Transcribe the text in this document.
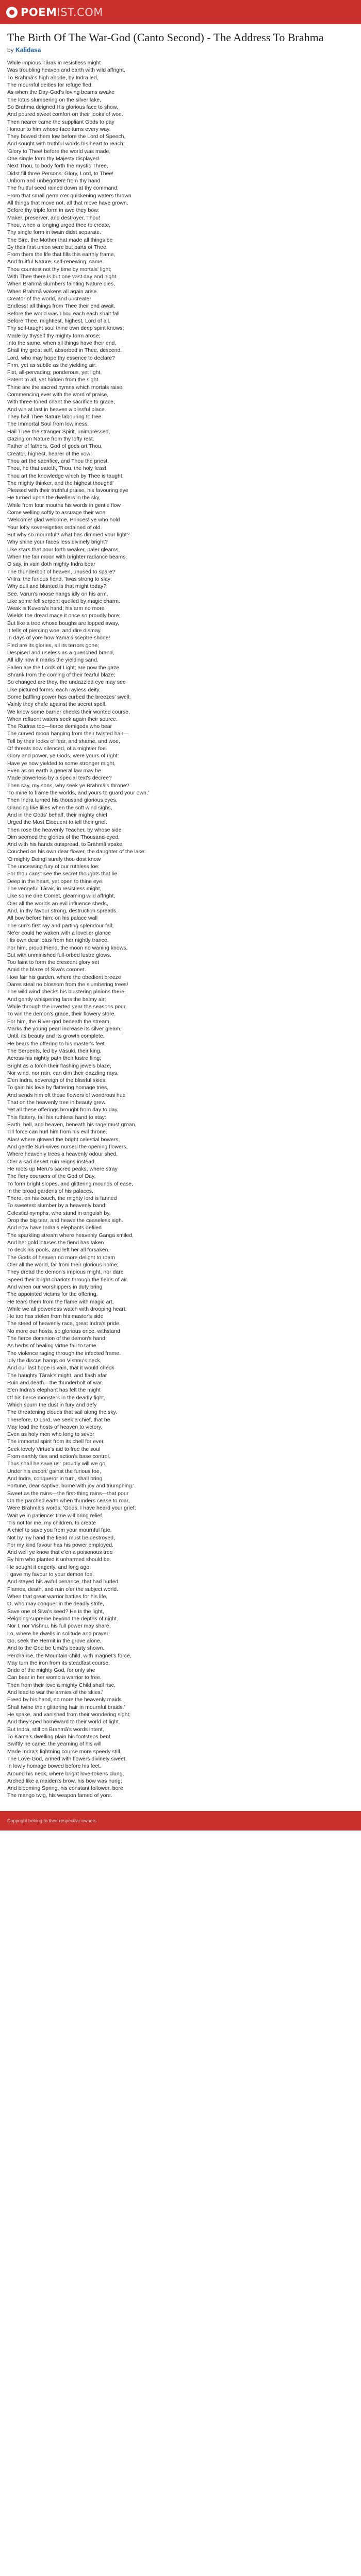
POEMIST.COM
The Birth Of The War-God (Canto Second) - The Address To Brahma
by Kalidasa
While impious Târak in resistless might
Was troubling heaven and earth with wild affright,
To Brahmâ's high abode, by Indra led,
The mournful deities for refuge fled.
As when the Day-God's loving beams awake
The lotus slumbering on the silver lake,
So Brahma deigned His glorious face to show,
And poured sweet comfort on their looks of woe.
Then nearer came the suppliant Gods to pay
Honour to him whose face turns every way.
They bowed them low before the Lord of Speech,
And sought with truthful words his heart to reach:
'Glory to Thee! before the world was made,
One single form thy Majesty displayed.
Next Thou, to body forth the mystic Three,
Didst fill three Persons: Glory, Lord, to Thee!
Unborn and unbegotten! from thy hand
The fruitful seed rained down at thy command:
From that small germ o'er quickening waters thrown
All things that move not, all that move have grown.
Before thy triple form in awe they bow:
Maker, preserver, and destroyer, Thou!
Thou, when a longing urged thee to create,
Thy single form in twain didst separate.
The Sire, the Mother that made all things be
By their first union were but parts of Thee.
From them the life that fills this earthly frame,
And fruitful Nature, self-renewing, came.
Thou countest not thy time by mortals' light;
With Thee there is but one vast day and night.
When Brahmâ slumbers fainting Nature dies,
When Brahmâ wakens all again arise.
Creator of the world, and uncreate!
Endless! all things from Thee their end await.
Before the world was Thou each each shalt fall
Before Thee, mightiest, highest, Lord of all.
Thy self-taught soul thine own deep spirit knows;
Made by thyself thy mighty form arose;
Into the same, when all things have their end,
Shall thy great self, absorbed in Thee, descend.
Lord, who may hope thy essence to declare?
Firm, yet as subtle as the yielding air:
Fixt, all-pervading; ponderous, yet light,
Patent to all, yet hidden from the sight.
Thine are the sacred hymns which mortals raise,
Commencing ever with the word of praise,
With three-toned chant the sacrifice to grace,
And win at last in heaven a blissful place.
They hail Thee Nature labouring to free
The Immortal Soul from lowliness,
Hail Thee the stranger Spirit, unimpressed,
Gazing on Nature from thy lofty rest.
Father of fathers, God of gods art Thou,
Creator, highest, hearer of the vow!
Thou art the sacrifice, and Thou the priest,
Thou, he that eateth, Thou, the holy feast.
Thou art the knowledge which by Thee is taught,
The mighty thinker, and the highest thought!'
Pleased with their truthful praise, his favouring eye
He turned upon the dwellers in the sky,
While from four mouths his words in gentle flow
Come welling softly to assuage their woe:
'Welcome! glad welcome, Princes! ye who hold
Your lofty sovereignties ordained of old.
But why so mournful? what has dimmed your light?
Why shine your faces less divinely bright?
Like stars that pour forth weaker, paler gleams,
When the fair moon with brighter radiance beams.
O say, in vain doth mighty Indra bear
The thunderbolt of heaven, unused to spare?
Vritra, the furious fiend, 'twas strong to slay:
Why dull and blunted is that might today?
See, Varun's noose hangs idly on his arm,
Like some fell serpent quelled by magic charm.
Weak is Kuvera's hand; his arm no more
Wields the dread mace it once so proudly bore;
But like a tree whose boughs are lopped away,
It tells of piercing woe, and dire dismay.
In days of yore how Yama's sceptre shone!
Fled are its glories, all its terrors gone;
Despised and useless as a quenched brand,
All idly now it marks the yielding sand.
Fallen are the Lords of Light; are now the gaze
Shrank from the coming of their fearful blaze;
So changed are they, the undazzled eye may see
Like pictured forms, each rayless deity.
Some baffling power has curbed the breezes' swell:
Vainly they chafe against the secret spell.
We know some barrier checks their wonted course,
When refluent waters seek again their source.
The Rudras too—fierce demigods who bear
The curved moon hanging from their twisted hair—
Tell by their looks of fear, and shame, and woe,
Of threats now silenced, of a mightier foe.
Glory and power, ye Gods, were yours of right:
Have ye now yielded to some stronger might,
Even as on earth a general law may be
Made powerless by a special text's decree?
Then say, my sons, why seek ye Brahmâ's throne?
'To mine to frame the worlds, and yours to guard your own.'
Then Indra turned his thousand glorious eyes,
Glancing like lilies when the soft wind sighs,
And in the Gods' behalf, their mighty chief
Urged the Most Eloquent to tell their grief.
Then rose the heavenly Teacher, by whose side
Dim seemed the glories of the Thousand-eyed,
And with his hands outspread, to Brahmâ spake,
Couched on his own dear flower, the daughter of the lake:
'O mighty Being! surely thou dost know
The unceasing fury of our ruthless foe:
For thou canst see the secret thoughts that lie
Deep in the heart, yet open to thine eye.
The vengeful Târak, in resistless might,
Like some dire Comet, gleaming wild affright,
O'er all the worlds an evil influence sheds,
And, in thy favour strong, destruction spreads.
All bow before him: on his palace wall
The sun's first ray and parting splendour fall;
Ne'er could he waken with a lovelier glance
His own dear lotus from her nightly trance.
For him, proud Fiend, the moon no waning knows,
But with unminished full-orbed lustre glows.
Too faint to form the crescent glory set
Amid the blaze of Siva's coronet.
How fair his garden, where the obedient breeze
Dares steal no blossom from the slumbering trees!
The wild wind checks his blustering pinions there,
And gently whispering fans the balmy air;
While through the inverted year the seasons pour,
To win the demon's grace, their flowery store.
For him, the River-god beneath the stream,
Marks the young pearl increase its silver gleam,
Until, its beauty and its growth complete,
He bears the offering to his master's feet.
The Serpents, led by Vásuki, their king,
Across his nightly path their lustre fling;
Bright as a torch their flashing jewels blaze,
Nor wind, nor rain, can dim their dazzling rays.
E'en Indra, sovereign of the blissful skies,
To gain his love by flattering homage tries,
And sends him oft those flowers of wondrous hue
That on the heavenly tree in beauty grew.
Yet all these offerings brought from day to day,
This flattery, fail his ruthless hand to stay:
Earth, hell, and heaven, beneath his rage must groan,
Till force can hurl him from his evil throne.
Alas! where glowed the bright celestial bowers,
And gentle Suri-wives nursed the opening flowers,
Where heavenly trees a heavenly odour shed,
O'er a sad desert ruin reigns instead.
He roots up Meru's sacred peaks, where stray
The fiery coursers of the God of Day,
To form bright slopes, and glittering mounds of ease,
In the broad gardens of his palaces.
There, on his couch, the mighty lord is fanned
To sweetest slumber by a heavenly band:
Celestial nymphs, who stand in anguish by,
Drop the big tear, and heave the ceaseless sigh.
And now have Indra's elephants defiled
The sparkling stream where heavenly Ganga smiled,
And her gold lotuses the fiend has taken
To deck his pools, and left her all forsaken.
The Gods of heaven no more delight to roam
O'er all the world, far from their glorious home;
They dread the demon's impious might, nor dare
Speed their bright chariots through the fields of air.
And when our worshippers in duty bring
The appointed victims for the offering,
He tears them from the flame with magic art,
While we all powerless watch with drooping heart.
He too has stolen from his master's side
The steed of heavenly race, great Indra's pride.
No more our hosts, so glorious once, withstand
The fierce dominion of the demon's hand;
As herbs of healing virtue fail to tame
The violence raging through the infected frame.
Idly the discus hangs on Vishnu's neck,
And our last hope is vain, that it would check
The haughty Târak's might, and flash afar
Ruin and death—the thunderbolt of war.
E'en Indra's elephant has felt the might
Of his fierce monsters in the deadly fight,
Which spurn the dust in fury and defy
The threatening clouds that sail along the sky.
Therefore, O Lord, we seek a chief, that he
May lead the hosts of heaven to victory,
Even as holy men who long to sever
The immortal spirit from its chell for ever,
Seek lovely Virtue's aid to free the soul
From earthly ties and action's base control.
Thus shall he save us: proudly will we go
Under his escort' gainst the furious foe,
And Indra, conqueror in turn, shall bring
Fortune, dear captive, home with joy and triumphing.'
Sweet as the rains—the first-thing rains—that pour
On the parched earth when thunders cease to roar,
Were Brahmâ's words: 'Gods, I have heard your grief;
Wait ye in patience: time will bring relief.
'Tis not for me, my children, to create
A chief to save you from your mournful fate.
Not by my hand the fiend must be destroyed,
For my kind favour has his power employed.
And well ye know that e'en a poisonous tree
By him who planted it unharmed should be.
He sought it eagerly, and long ago
I gave my favour to your demon foe,
And stayed his awful penance, that had hurled
Flames, death, and ruin o'er the subject world.
When that great warrior battles for his life,
O, who may conquer in the deadly strife,
Save one of Siva's seed? He is the light,
Reigning supreme beyond the depths of night.
Nor I, nor Vishnu, his full power may share,
Lo, where he dwells in solitude and prayer!
Go, seek the Hermit in the grove alone,
And to the God be Umâ's beauty shown.
Perchance, the Mountain-child, with magnet's force,
May turn the iron from its steadfast course,
Bride of the mighty God, for only she
Can bear in her womb a warrior to free.
Then from their love a mighty Child shall rise,
And lead to war the armies of the skies.'
Freed by his hand, no more the heavenly maids
Shall twine their glittering hair in mournful braids.'
He spake, and vanished from their wondering sight;
And they sped homeward to their world of light.
But Indra, still on Brahmâ's words intent,
To Kama's dwelling plain his footsteps bent.
Swiftly he came: the yearning of his will
Made Indra's lightning course more speedy still.
The Love-God, armed with flowers divinely sweet,
In lowly homage bowed before his feet.
Around his neck, where bright love-tokens clung,
Arched like a maiden's brow, his bow was hung;
And blooming Spring, his constant follower, bore
The mango twig, his weapon famed of yore.
Copyright belong to their respective owners
